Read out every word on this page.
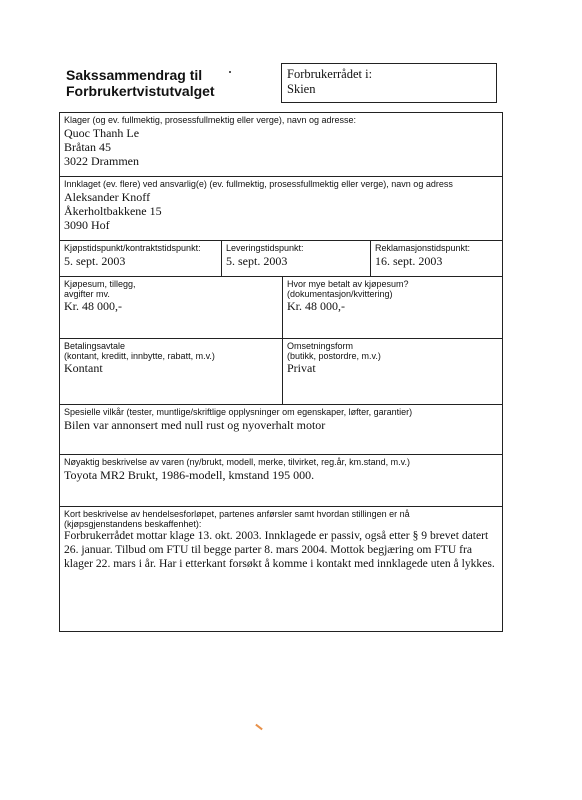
Sakssammendrag til
Forbrukertvistutvalget
Forbrukerrådet i:
Skien
Klager (og ev. fullmektig, prosessfullmektig eller verge), navn og adresse:
Quoc Thanh Le
Bråtan 45
3022 Drammen
Innklaget (ev. flere) ved ansvarlig(e) (ev. fullmektig, prosessfullmektig eller verge), navn og adress
Aleksander Knoff
Åkerholtbakkene 15
3090 Hof
Kjøpstidspunkt/kontraktstidspunkt:
5. sept. 2003
Leveringstidspunkt:
5. sept. 2003
Reklamasjonstidspunkt:
16. sept. 2003
Kjøpesum, tillegg,
avgifter mv.
Kr. 48 000,-
Hvor mye betalt av kjøpesum?
(dokumentasjon/kvittering)
Kr. 48 000,-
Betalingsavtale
(kontant, kreditt, innbytte, rabatt, m.v.)
Kontant
Omsetningsform
(butikk, postordre, m.v.)
Privat
Spesielle vilkår (tester, muntlige/skriftlige opplysninger om egenskaper, løfter, garantier)
Bilen var annonsert med null rust og nyoverhalt motor
Nøyaktig beskrivelse av varen (ny/brukt, modell, merke, tilvirket, reg.år, km.stand, m.v.)
Toyota MR2 Brukt, 1986-modell, kmstand 195 000.
Kort beskrivelse av hendelsesforløpet, partenes anførsler samt hvordan stillingen er nå
(kjøpsgjenstandens beskaffenhet):
Forbrukerrådet mottar klage 13. okt. 2003. Innklagede er passiv, også etter § 9 brevet datert
26. januar. Tilbud om FTU til begge parter 8. mars 2004. Mottok begjæring om FTU fra
klager 22. mars i år. Har i etterkant forsøkt å komme i kontakt med innklagede uten å lykkes.
